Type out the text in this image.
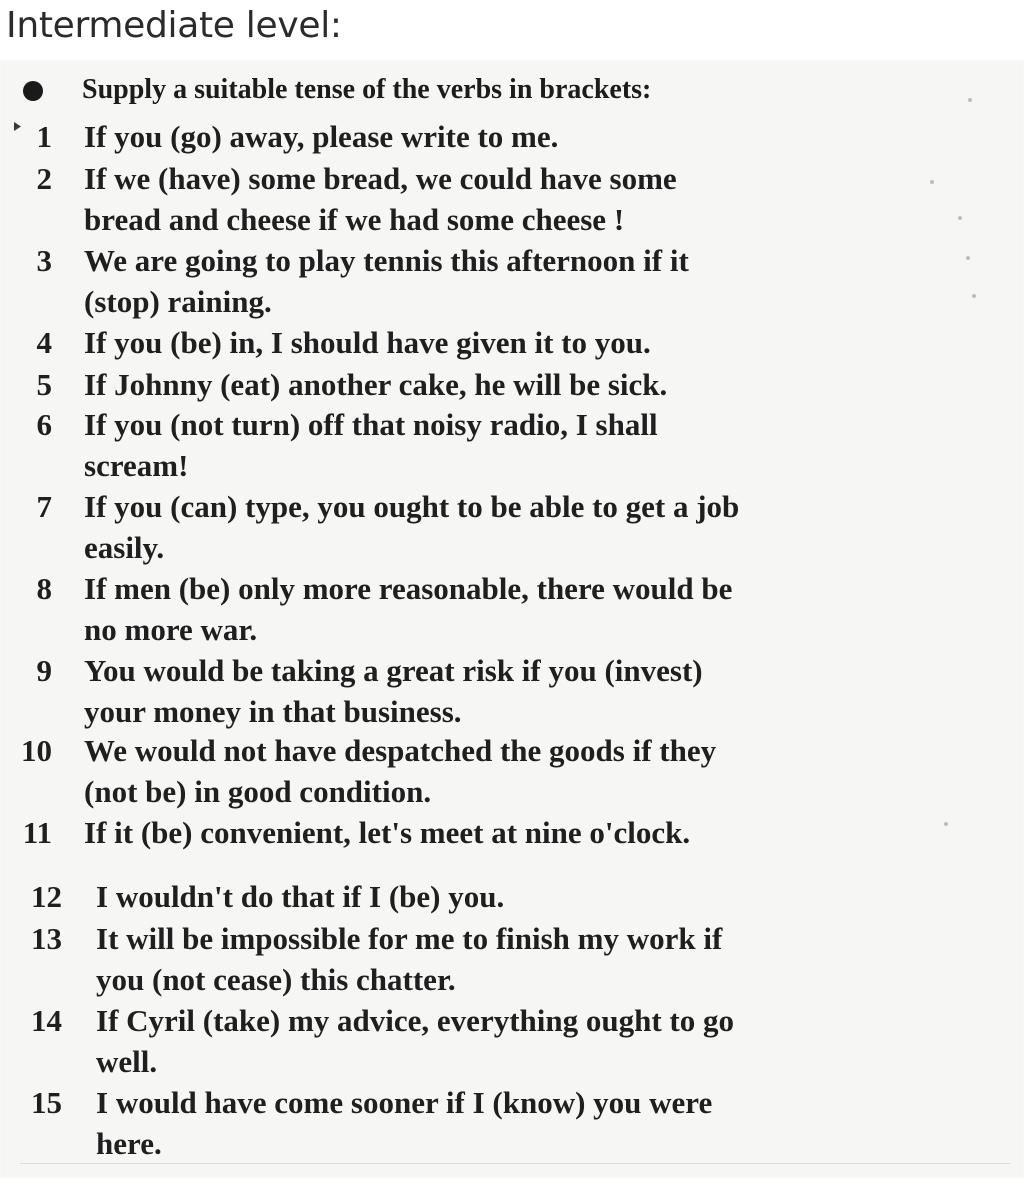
Intermediate level:
Supply a suitable tense of the verbs in brackets:
1 If you (go) away, please write to me.
2 If we (have) some bread, we could have some
bread and cheese if we had some cheese !
3 We are going to play tennis this afternoon if it
(stop) raining.
4 If you (be) in, I should have given it to you.
5 If Johnny (eat) another cake, he will be sick.
6 If you (not turn) off that noisy radio, I shall
scream!
7 If you (can) type, you ought to be able to get a job
easily.
8 If men (be) only more reasonable, there would be
no more war.
9 You would be taking a great risk if you (invest)
your money in that business.
10 We would not have despatched the goods if they
(not be) in good condition.
11 If it (be) convenient, let's meet at nine o'clock.
12 I wouldn't do that if I (be) you.
13 It will be impossible for me to finish my work if
you (not cease) this chatter.
14 If Cyril (take) my advice, everything ought to go
well.
15 I would have come sooner if I (know) you were
here.
